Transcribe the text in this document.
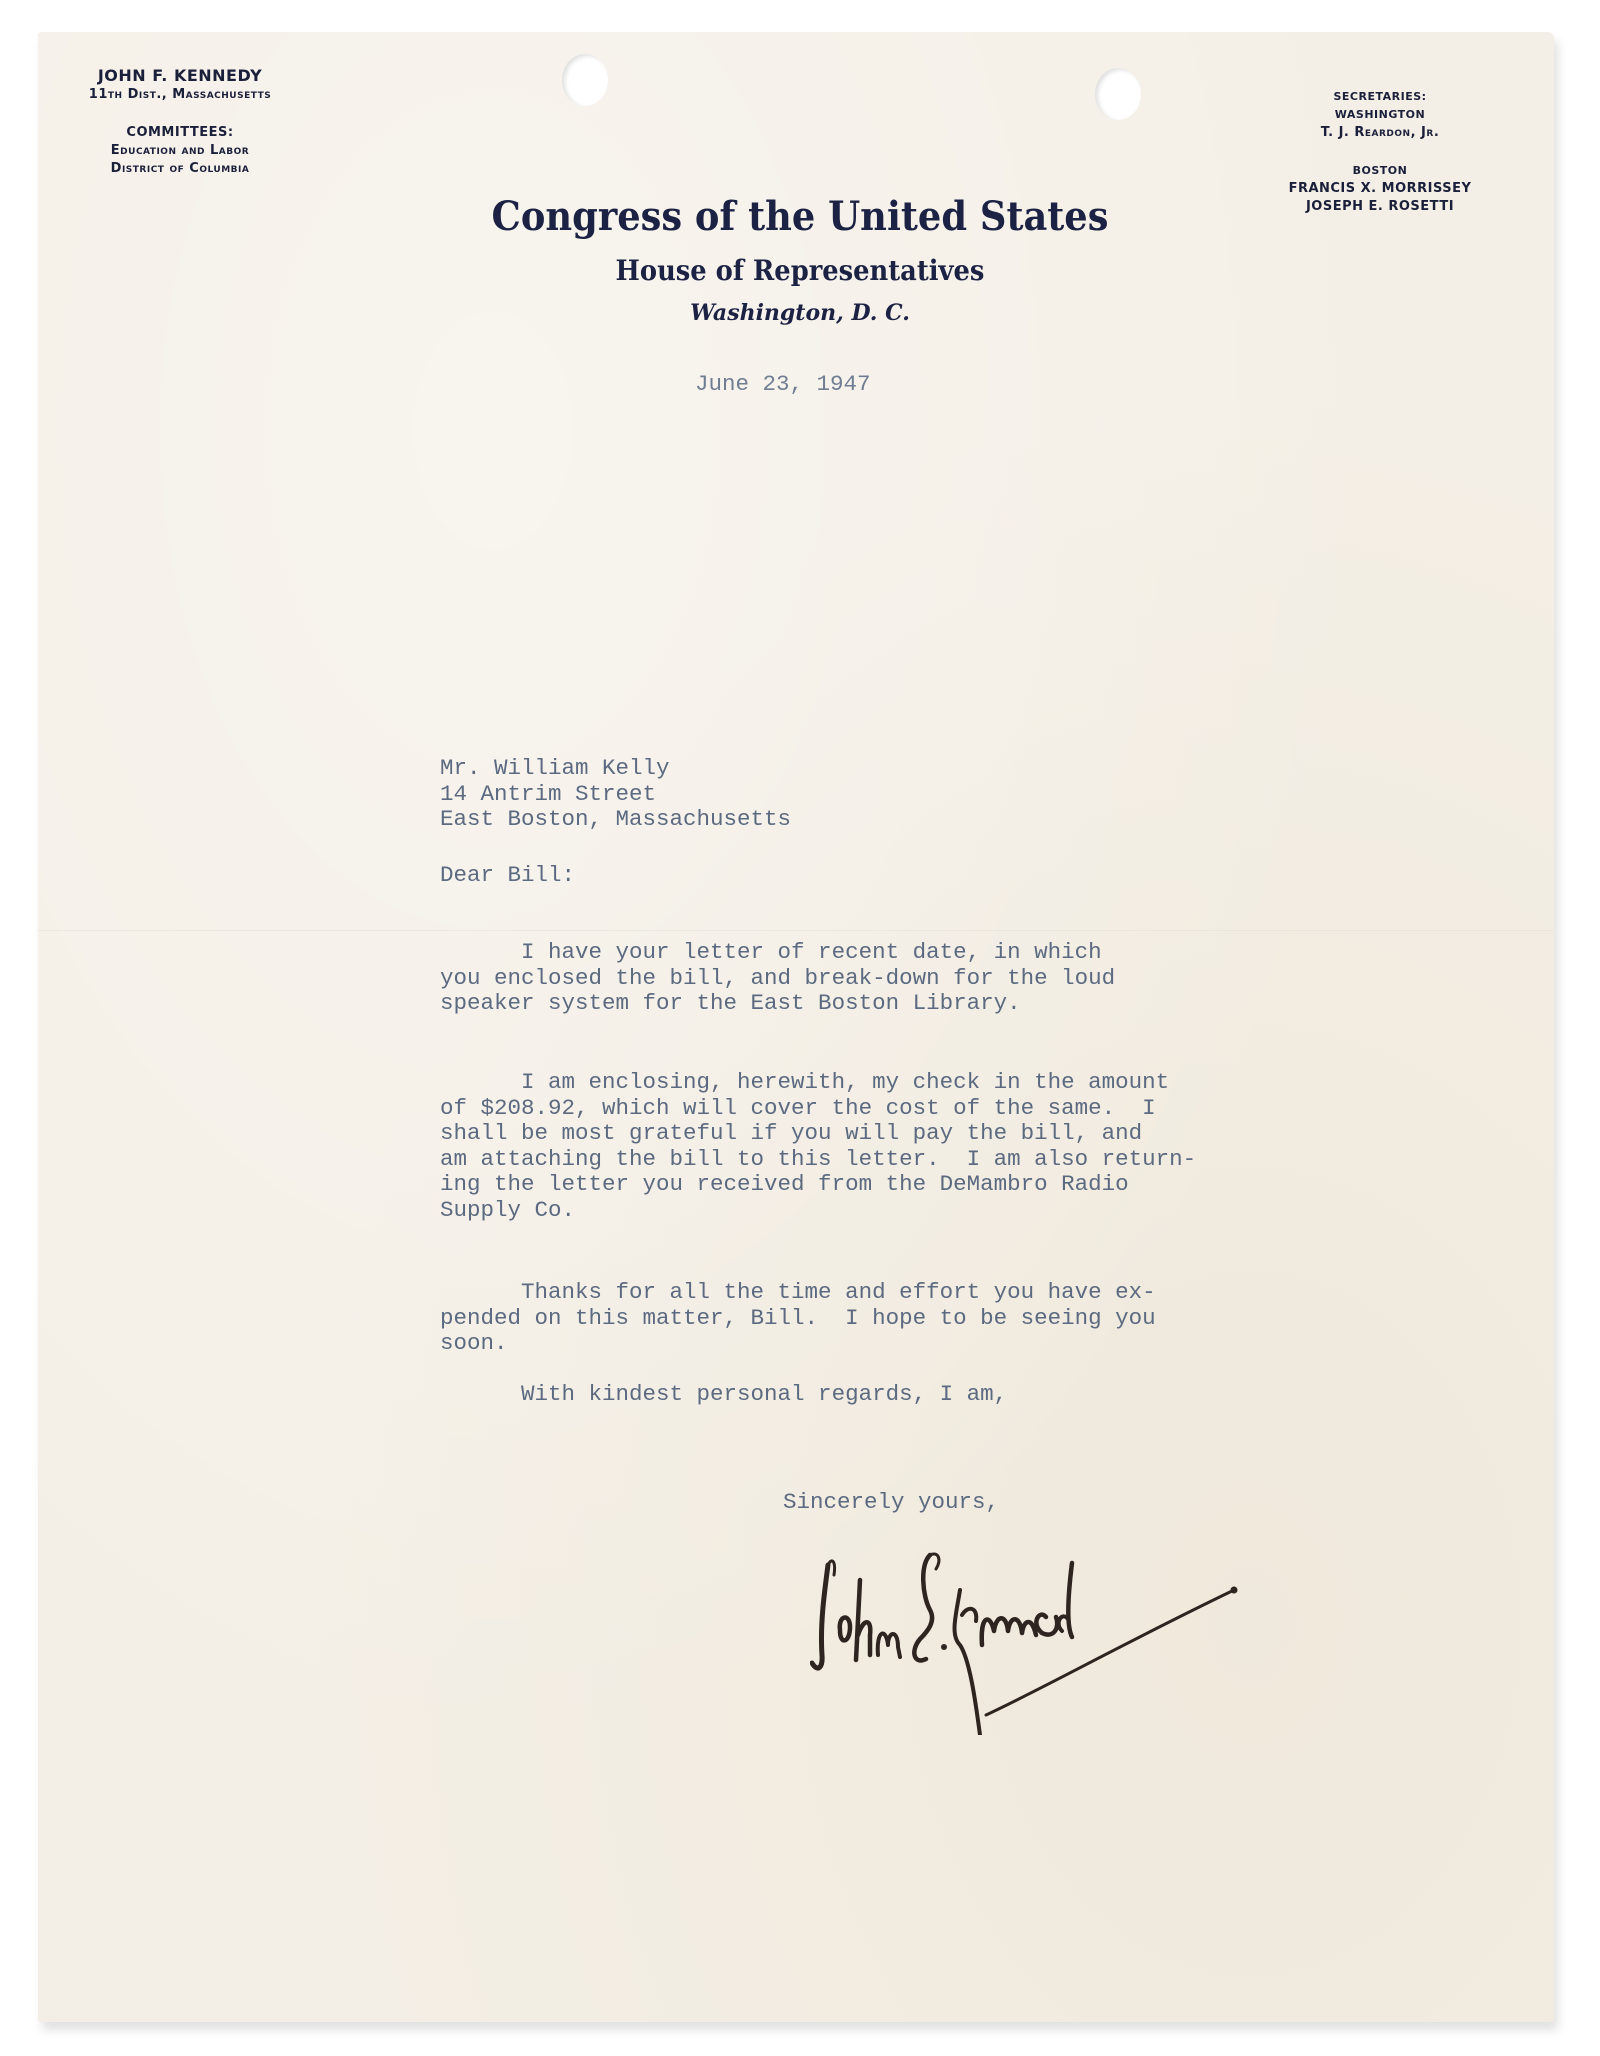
JOHN F. KENNEDY
11th Dist., Massachusetts
COMMITTEES:
Education and Labor
District of Columbia
SECRETARIES:
WASHINGTON
T. J. Reardon, Jr.
BOSTON
FRANCIS X. MORRISSEY
JOSEPH E. ROSETTI
Congress of the United States
House of Representatives
Washington, D. C.
June 23, 1947
Mr. William Kelly
14 Antrim Street
East Boston, Massachusetts
Dear Bill:
I have your letter of recent date, in which
you enclosed the bill, and break-down for the loud
speaker system for the East Boston Library.
I am enclosing, herewith, my check in the amount
of $208.92, which will cover the cost of the same.  I
shall be most grateful if you will pay the bill, and
am attaching the bill to this letter.  I am also return-
ing the letter you received from the DeMambro Radio
Supply Co.
Thanks for all the time and effort you have ex-
pended on this matter, Bill.  I hope to be seeing you
soon.
With kindest personal regards, I am,
Sincerely yours,
